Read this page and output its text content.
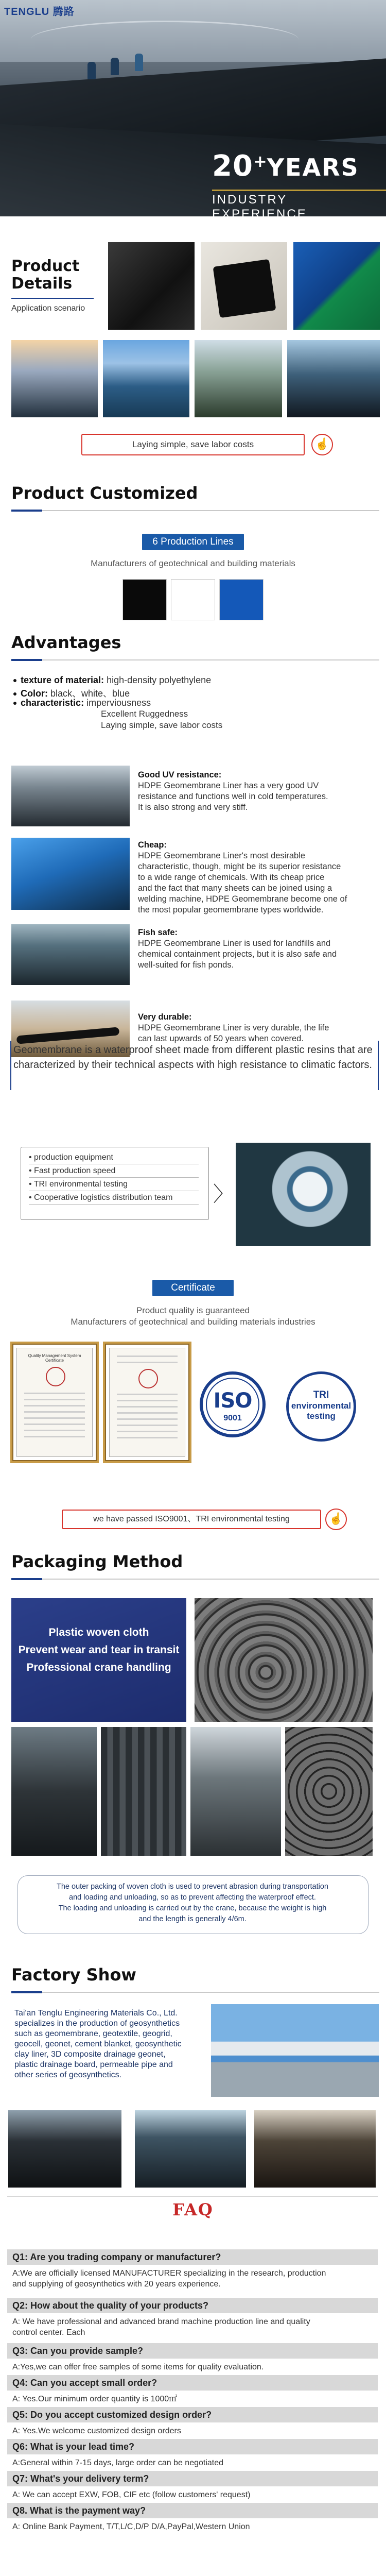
TENGLU 腾路
20+YEARS
INDUSTRY EXPERIENCE
Product
Details
Application scenario
Laying simple, save labor costs	☝
Product Customized
6 Production Lines
Manufacturers of geotechnical and building materials
Advantages
texture of material: high-density polyethylene
Color: black、white、blue
characteristic: imperviousness
Excellent Ruggedness
Laying simple, save labor costs
Good UV resistance:
HDPE Geomembrane Liner has a very good UV
resistance and functions well in cold temperatures.
It is also strong and very stiff.
Cheap:
HDPE Geomembrane Liner's most desirable
characteristic, though, might be its superior resistance
to a wide range of chemicals. With its cheap price
and the fact that many sheets can be joined using a
welding machine, HDPE Geomembrane become one of
the most popular geomembrane types worldwide.
Fish safe:
HDPE Geomembrane Liner is used for landfills and
chemical containment projects, but it is also safe and
well-suited for fish ponds.
Very durable:
HDPE Geomembrane Liner is very durable, the life
can last upwards of 50 years when covered.
Geomembrane is a waterproof sheet made from different plastic resins that are characterized by their technical aspects with high resistance to climatic factors.
• production equipment
• Fast production speed
• TRI environmental testing
• Cooperative logistics distribution team	〉
Certificate
Product quality is guaranteed
Manufacturers of geotechnical and building materials industries
Quality Management System Certificate
ISO
9001
TRI
environmental
testing
we have passed ISO9001、TRI environmental testing	☝
Packaging Method
Plastic woven cloth
Prevent wear and tear in transit
Professional crane handling
The outer packing of woven cloth is used to prevent abrasion during transportation
and loading and unloading, so as to prevent affecting the waterproof effect.
The loading and unloading is carried out by the crane, because the weight is high
and the length is generally 4/6m.
Factory Show
Tai'an Tenglu Engineering Materials Co., Ltd.
specializes in the production of geosynthetics
such as geomembrane, geotextile, geogrid,
geocell, geonet, cement blanket, geosynthetic
clay liner, 3D composite drainage geonet,
plastic drainage board, permeable pipe and
other series of geosynthetics.
FAQ
Q1: Are you trading company or manufacturer?
A:We are officially licensed MANUFACTURER specializing in the research, production
and supplying of geosynthetics with 20 years experience.
Q2: How about the quality of your products?
A: We have professional and advanced brand machine production line and quality
control center. Each
Q3: Can you provide sample?
A:Yes,we can offer free samples of some items for quality evaluation.
Q4: Can you accept small order?
A: Yes.Our minimum order quantity is 1000㎡
Q5: Do you accept customized design order?
A: Yes.We welcome customized design orders
Q6: What is your lead time?
A:General within 7-15 days, large order can be negotiated
Q7: What's your delivery term?
A: We can accept EXW, FOB, CIF etc (follow customers' request)
Q8. What is the payment way?
A: Online Bank Payment, T/T,L/C,D/P D/A,PayPal,Western Union
